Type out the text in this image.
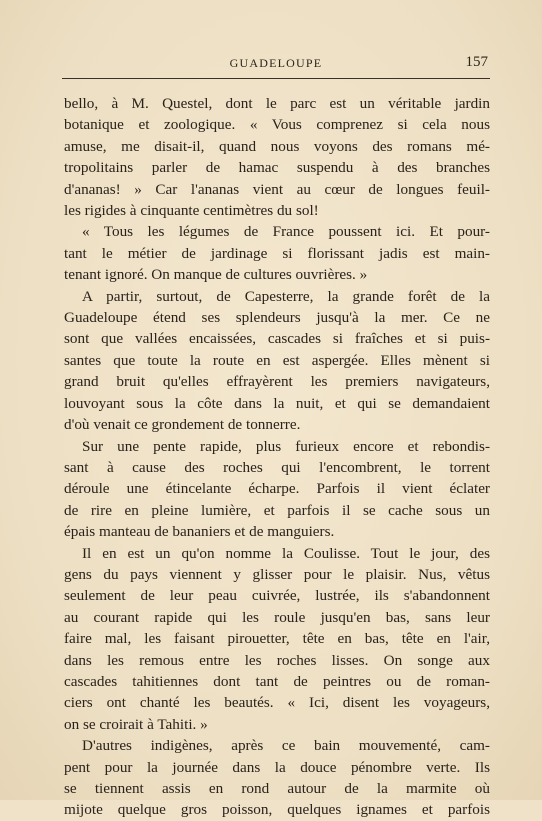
GUADELOUPE	157

bello, à M. Questel, dont le parc est un véritable jardin
botanique et zoologique. « Vous comprenez si cela nous
amuse, me disait-il, quand nous voyons des romans mé-
tropolitains parler de hamac suspendu à des branches
d'ananas! » Car l'ananas vient au cœur de longues feuil-
les rigides à cinquante centimètres du sol!

« Tous les légumes de France poussent ici. Et pour-
tant le métier de jardinage si florissant jadis est main-
tenant ignoré. On manque de cultures ouvrières. »

A partir, surtout, de Capesterre, la grande forêt de la
Guadeloupe étend ses splendeurs jusqu'à la mer. Ce ne
sont que vallées encaissées, cascades si fraîches et si puis-
santes que toute la route en est aspergée. Elles mènent si
grand bruit qu'elles effrayèrent les premiers navigateurs,
louvoyant sous la côte dans la nuit, et qui se demandaient
d'où venait ce grondement de tonnerre.

Sur une pente rapide, plus furieux encore et rebondis-
sant à cause des roches qui l'encombrent, le torrent
déroule une étincelante écharpe. Parfois il vient éclater
de rire en pleine lumière, et parfois il se cache sous un
épais manteau de bananiers et de manguiers.

Il en est un qu'on nomme la Coulisse. Tout le jour, des
gens du pays viennent y glisser pour le plaisir. Nus, vêtus
seulement de leur peau cuivrée, lustrée, ils s'abandonnent
au courant rapide qui les roule jusqu'en bas, sans leur
faire mal, les faisant pirouetter, tête en bas, tête en l'air,
dans les remous entre les roches lisses. On songe aux
cascades tahitiennes dont tant de peintres ou de roman-
ciers ont chanté les beautés. « Ici, disent les voyageurs,
on se croirait à Tahiti. »

D'autres indigènes, après ce bain mouvementé, cam-
pent pour la journée dans la douce pénombre verte. Ils
se tiennent assis en rond autour de la marmite où
mijote quelque gros poisson, quelques ignames et parfois
